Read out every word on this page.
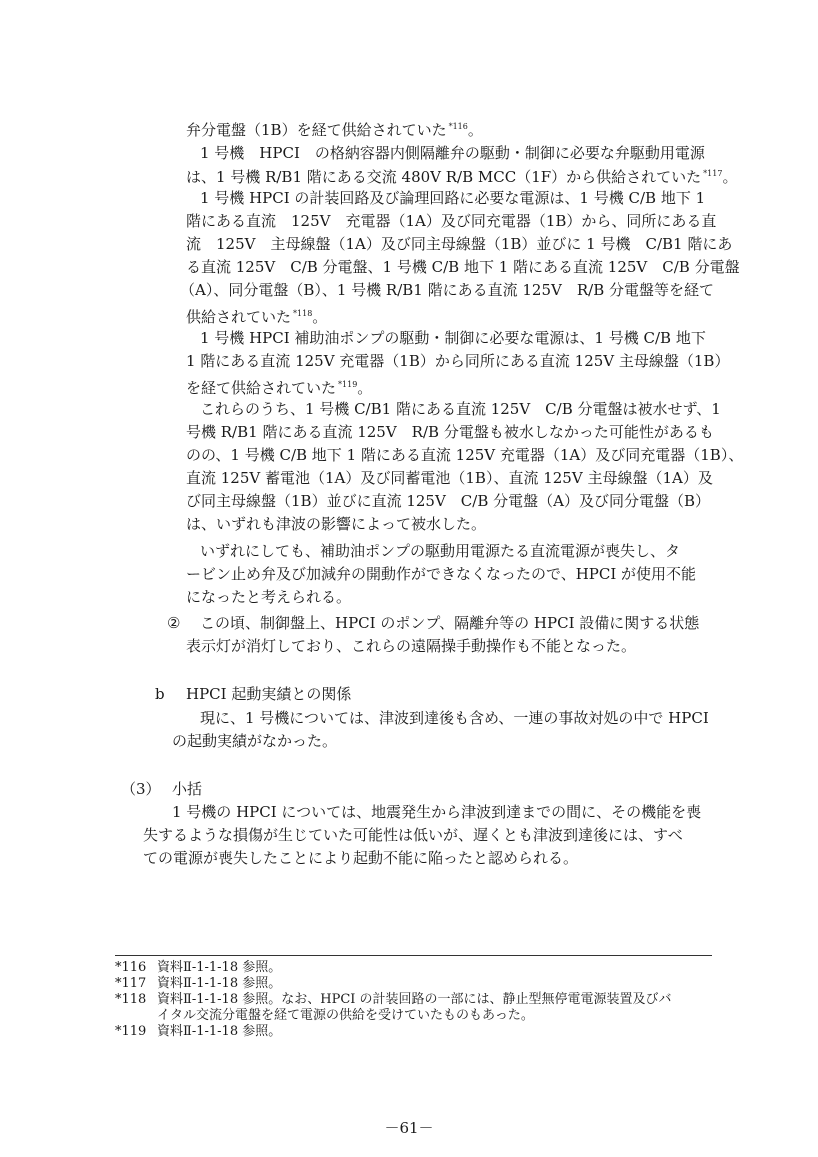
弁分電盤（1B）を経て供給されていた $^{*116}$。
1 号機　HPCI　の格納容器内側隔離弁の駆動・制御に必要な弁駆動用電源
は、1 号機 R/B1 階にある交流 480V R/B MCC（1F）から供給されていた $^{*117}$。
1 号機 HPCI の計装回路及び論理回路に必要な電源は、1 号機 C/B 地下 1
階にある直流　125V　充電器（1A）及び同充電器（1B）から、同所にある直
流　125V　主母線盤（1A）及び同主母線盤（1B）並びに 1 号機　C/B1 階にあ
る直流 125V　C/B 分電盤、1 号機 C/B 地下 1 階にある直流 125V　C/B 分電盤
（A）、同分電盤（B）、1 号機 R/B1 階にある直流 125V　R/B 分電盤等を経て
供給されていた $^{*118}$。
1 号機 HPCI 補助油ポンプの駆動・制御に必要な電源は、1 号機 C/B 地下
1 階にある直流 125V 充電器（1B）から同所にある直流 125V 主母線盤（1B）
を経て供給されていた $^{*119}$。
これらのうち、1 号機 C/B1 階にある直流 125V　C/B 分電盤は被水せず、1
号機 R/B1 階にある直流 125V　R/B 分電盤も被水しなかった可能性があるも
のの、1 号機 C/B 地下 1 階にある直流 125V 充電器（1A）及び同充電器（1B）、
直流 125V 蓄電池（1A）及び同蓄電池（1B）、直流 125V 主母線盤（1A）及
び同主母線盤（1B）並びに直流 125V　C/B 分電盤（A）及び同分電盤（B）
は、いずれも津波の影響によって被水した。
いずれにしても、補助油ポンプの駆動用電源たる直流電源が喪失し、タ
ービン止め弁及び加減弁の開動作ができなくなったので、HPCI が使用不能
になったと考えられる。
② この頃、制御盤上、HPCI のポンプ、隔離弁等の HPCI 設備に関する状態
表示灯が消灯しており、これらの遠隔操手動操作も不能となった。
b HPCI 起動実績との関係
現に、1 号機については、津波到達後も含め、一連の事故対処の中で HPCI
の起動実績がなかった。
（3） 小括
1 号機の HPCI については、地震発生から津波到達までの間に、その機能を喪
失するような損傷が生じていた可能性は低いが、遅くとも津波到達後には、すべ
ての電源が喪失したことにより起動不能に陥ったと認められる。
*116 資料Ⅱ-1-1-18 参照。
*117 資料Ⅱ-1-1-18 参照。
*118 資料Ⅱ-1-1-18 参照。なお、HPCI の計装回路の一部には、静止型無停電電源装置及びバ
イタル交流分電盤を経て電源の供給を受けていたものもあった。
*119 資料Ⅱ-1-1-18 参照。
－61－
